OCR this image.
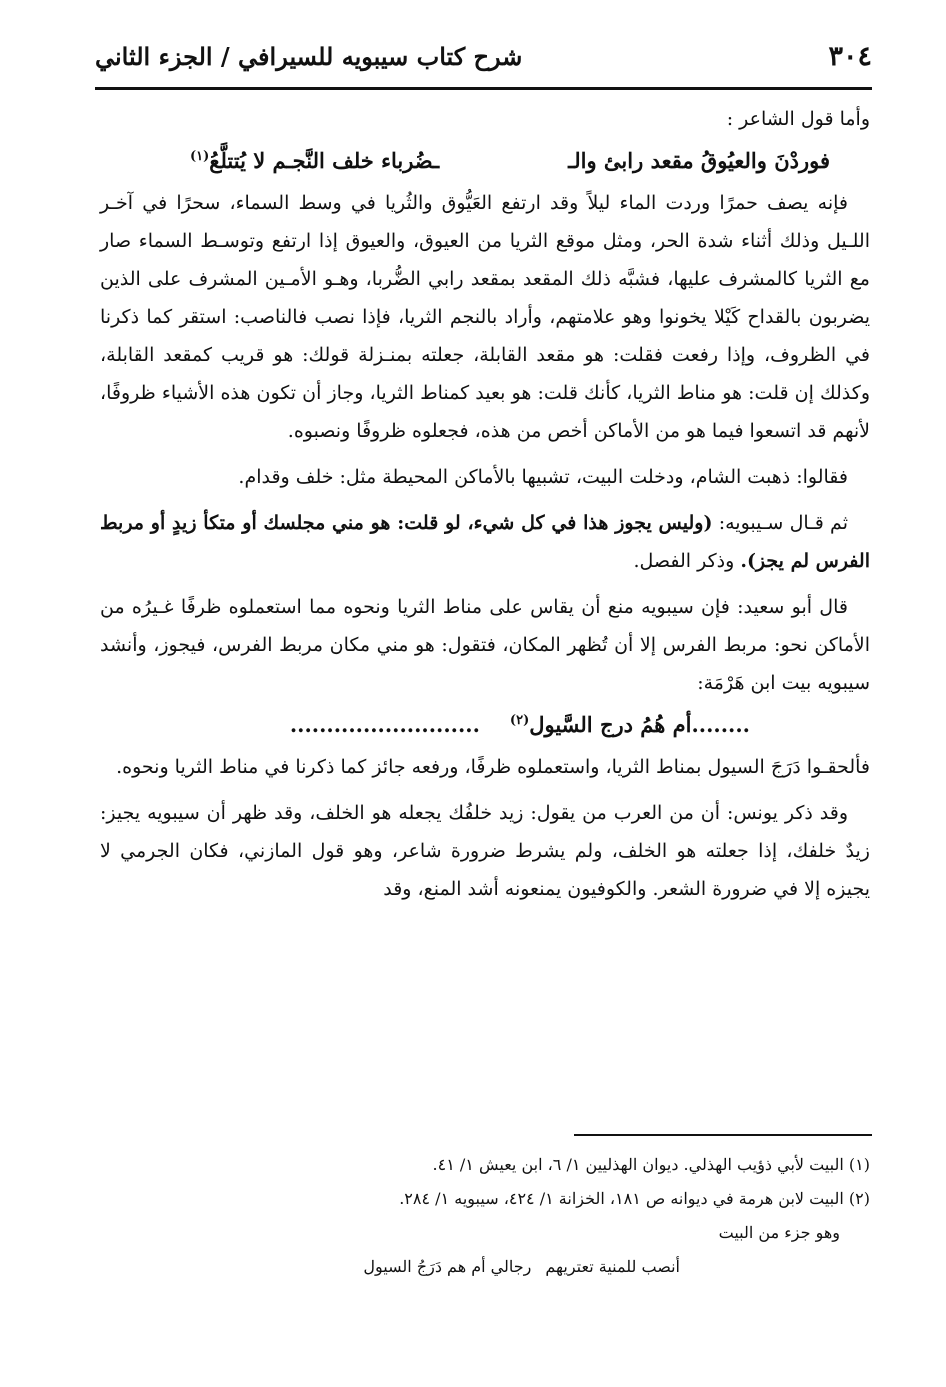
٣٠٤
شرح كتاب سيبويه للسيرافي / الجزء الثاني

وأما قول الشاعر :

فوردْنَ والعيُوقُ مقعد رابئ والـ
ـضُرباء خلف النَّجـم لا يُتتلَّعُ$^{(١)}$

فإنه يصف حمرًا وردت الماء ليلاً وقد ارتفع العَيُّوق والثُريا في وسط السماء، سحرًا في آخـر اللـيل وذلك أثناء شدة الحر، ومثل موقع الثريا من العيوق، والعيوق إذا ارتفع وتوسـط السماء صار مع الثريا كالمشرف عليها، فشبَّه ذلك المقعد بمقعد رابي الضُّربا، وهـو الأمـين المشرف على الذين يضربون بالقداح كَيْلا يخونوا وهو علامتهم، وأراد بالنجم الثريا، فإذا نصب فالناصب: استقر كما ذكرنا في الظروف، وإذا رفعت فقلت: هو مقعد القابلة، جعلته بمنـزلة قولك: هو قريب كمقعد القابلة، وكذلك إن قلت: هو مناط الثريا، كأنك قلت: هو بعيد كمناط الثريا، وجاز أن تكون هذه الأشياء ظروفًا، لأنهم قد اتسعوا فيما هو من الأماكن أخص من هذه، فجعلوه ظروفًا ونصبوه.

فقالوا: ذهبت الشام، ودخلت البيت، تشبيها بالأماكن المحيطة مثل: خلف وقدام.

ثم قـال سـيبويه: (وليس يجوز هذا في كل شيء، لو قلت: هو مني مجلسك أو متكأ زيدٍ أو مربط الفرس لم يجز). وذكر الفصل.

قال أبو سعيد: فإن سيبويه منع أن يقاس على مناط الثريا ونحوه مما استعملوه ظرفًا غـيرُه من الأماكن نحو: مربط الفرس إلا أن تُظهر المكان، فتقول: هو مني مكان مربط الفرس، فيجوز، وأنشد سيبويه بيت ابن هَرْمَة:

........أم هُمُ درج السَّيول$^{(٢)}$
..........................

فألحقـوا دَرَجَ السيول بمناط الثريا، واستعملوه ظرفًا، ورفعه جائز كما ذكرنا في مناط الثريا ونحوه.

وقد ذكر يونس: أن من العرب من يقول: زيد خلفُك يجعله هو الخلف، وقد ظهر أن سيبويه يجيز: زيدٌ خلفك، إذا جعلته هو الخلف، ولم يشرط ضرورة شاعر، وهو قول المازني، فكان الجرمي لا يجيزه إلا في ضرورة الشعر. والكوفيون يمنعونه أشد المنع، وقد

(١) البيت لأبي ذؤيب الهذلي. ديوان الهذليين ١/ ٦، ابن يعيش ١/ ٤١.

(٢) البيت لابن هرمة في ديوانه ص ١٨١، الخزانة ١/ ٤٢٤، سيبويه ١/ ٢٨٤.

وهو جزء من البيت

أنصب للمنية تعتريهم
رجالي أم هم دَرَجُ السيول
